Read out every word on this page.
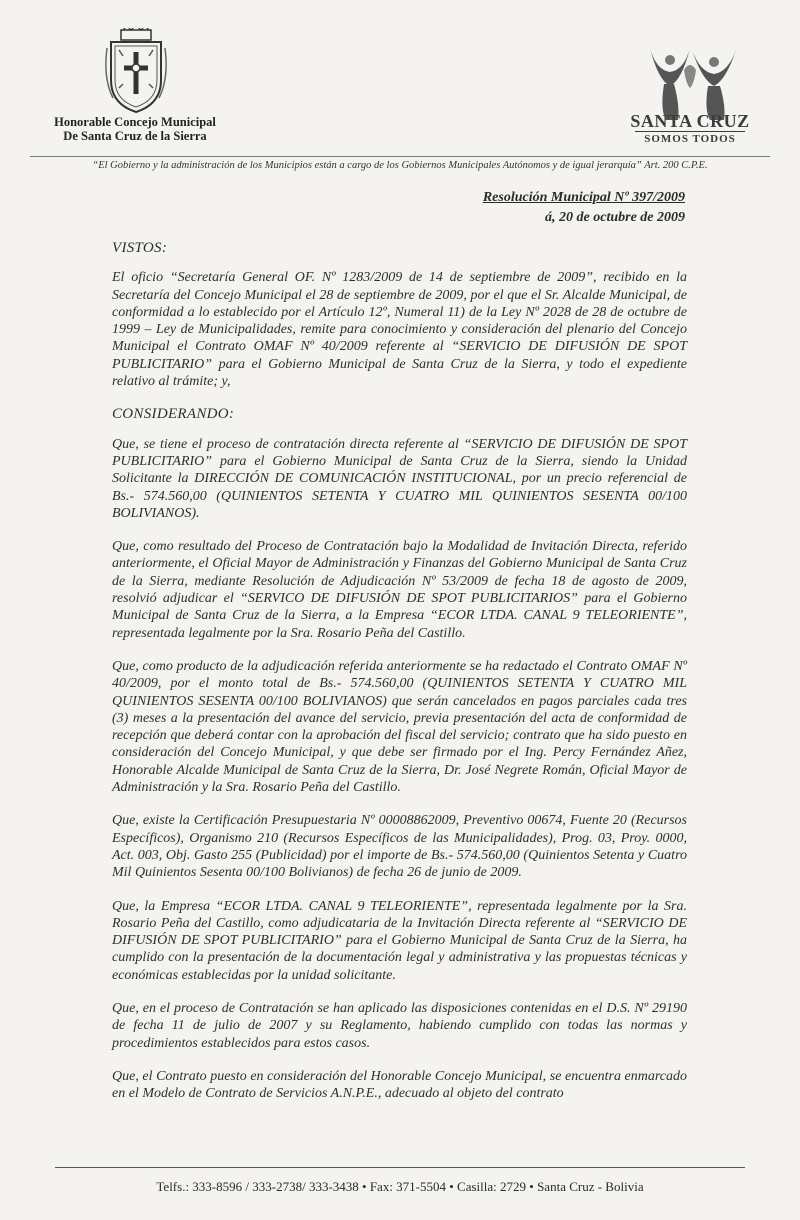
Honorable Concejo Municipal
De Santa Cruz de la Sierra
SANTA CRUZ
SOMOS TODOS
“El Gobierno y la administración de los Municipios están a cargo de los Gobiernos Municipales Autónomos y de igual jerarquía” Art. 200 C.P.E.
Resolución Municipal Nº 397/2009
á, 20 de octubre de 2009
VISTOS:

El oficio “Secretaría General OF. Nº 1283/2009 de 14 de septiembre de 2009”, recibido en la Secretaría del Concejo Municipal el 28 de septiembre de 2009, por el que el Sr. Alcalde Municipal, de conformidad a lo establecido por el Artículo 12º, Numeral 11) de la Ley Nº 2028 de 28 de octubre de 1999 – Ley de Municipalidades, remite para conocimiento y consideración del plenario del Concejo Municipal el Contrato OMAF Nº 40/2009 referente al “SERVICIO DE DIFUSIÓN DE SPOT PUBLICITARIO” para el Gobierno Municipal de Santa Cruz de la Sierra, y todo el expediente relativo al trámite; y,

CONSIDERANDO:

Que, se tiene el proceso de contratación directa referente al “SERVICIO DE DIFUSIÓN DE SPOT PUBLICITARIO” para el Gobierno Municipal de Santa Cruz de la Sierra, siendo la Unidad Solicitante la DIRECCIÓN DE COMUNICACIÓN INSTITUCIONAL, por un precio referencial de Bs.- 574.560,00 (QUINIENTOS SETENTA Y CUATRO MIL QUINIENTOS SESENTA 00/100 BOLIVIANOS).

Que, como resultado del Proceso de Contratación bajo la Modalidad de Invitación Directa, referido anteriormente, el Oficial Mayor de Administración y Finanzas del Gobierno Municipal de Santa Cruz de la Sierra, mediante Resolución de Adjudicación Nº 53/2009 de fecha 18 de agosto de 2009, resolvió adjudicar el “SERVICO DE DIFUSIÓN DE SPOT PUBLICITARIOS” para el Gobierno Municipal de Santa Cruz de la Sierra, a la Empresa “ECOR LTDA. CANAL 9 TELEORIENTE”, representada legalmente por la Sra. Rosario Peña del Castillo.

Que, como producto de la adjudicación referida anteriormente se ha redactado el Contrato OMAF Nº 40/2009, por el monto total de Bs.- 574.560,00 (QUINIENTOS SETENTA Y CUATRO MIL QUINIENTOS SESENTA 00/100 BOLIVIANOS) que serán cancelados en pagos parciales cada tres (3) meses a la presentación del avance del servicio, previa presentación del acta de conformidad de recepción que deberá contar con la aprobación del fiscal del servicio; contrato que ha sido puesto en consideración del Concejo Municipal, y que debe ser firmado por el Ing. Percy Fernández Añez, Honorable Alcalde Municipal de Santa Cruz de la Sierra, Dr. José Negrete Román, Oficial Mayor de Administración y la Sra. Rosario Peña del Castillo.

Que, existe la Certificación Presupuestaria Nº 00008862009, Preventivo 00674, Fuente 20 (Recursos Específicos), Organismo 210 (Recursos Específicos de las Municipalidades), Prog. 03, Proy. 0000, Act. 003, Obj. Gasto 255 (Publicidad) por el importe de Bs.- 574.560,00 (Quinientos Setenta y Cuatro Mil Quinientos Sesenta 00/100 Bolivianos) de fecha 26 de junio de 2009.

Que, la Empresa “ECOR LTDA. CANAL 9 TELEORIENTE”, representada legalmente por la Sra. Rosario Peña del Castillo, como adjudicataria de la Invitación Directa referente al “SERVICIO DE DIFUSIÓN DE SPOT PUBLICITARIO” para el Gobierno Municipal de Santa Cruz de la Sierra, ha cumplido con la presentación de la documentación legal y administrativa y las propuestas técnicas y económicas establecidas por la unidad solicitante.

Que, en el proceso de Contratación se han aplicado las disposiciones contenidas en el D.S. Nº 29190 de fecha 11 de julio de 2007 y su Reglamento, habiendo cumplido con todas las normas y procedimientos establecidos para estos casos.

Que, el Contrato puesto en consideración del Honorable Concejo Municipal, se encuentra enmarcado en el Modelo de Contrato de Servicios A.N.P.E., adecuado al objeto del contrato

Telfs.: 333-8596 / 333-2738/ 333-3438 • Fax: 371-5504 • Casilla: 2729 • Santa Cruz - Bolivia
